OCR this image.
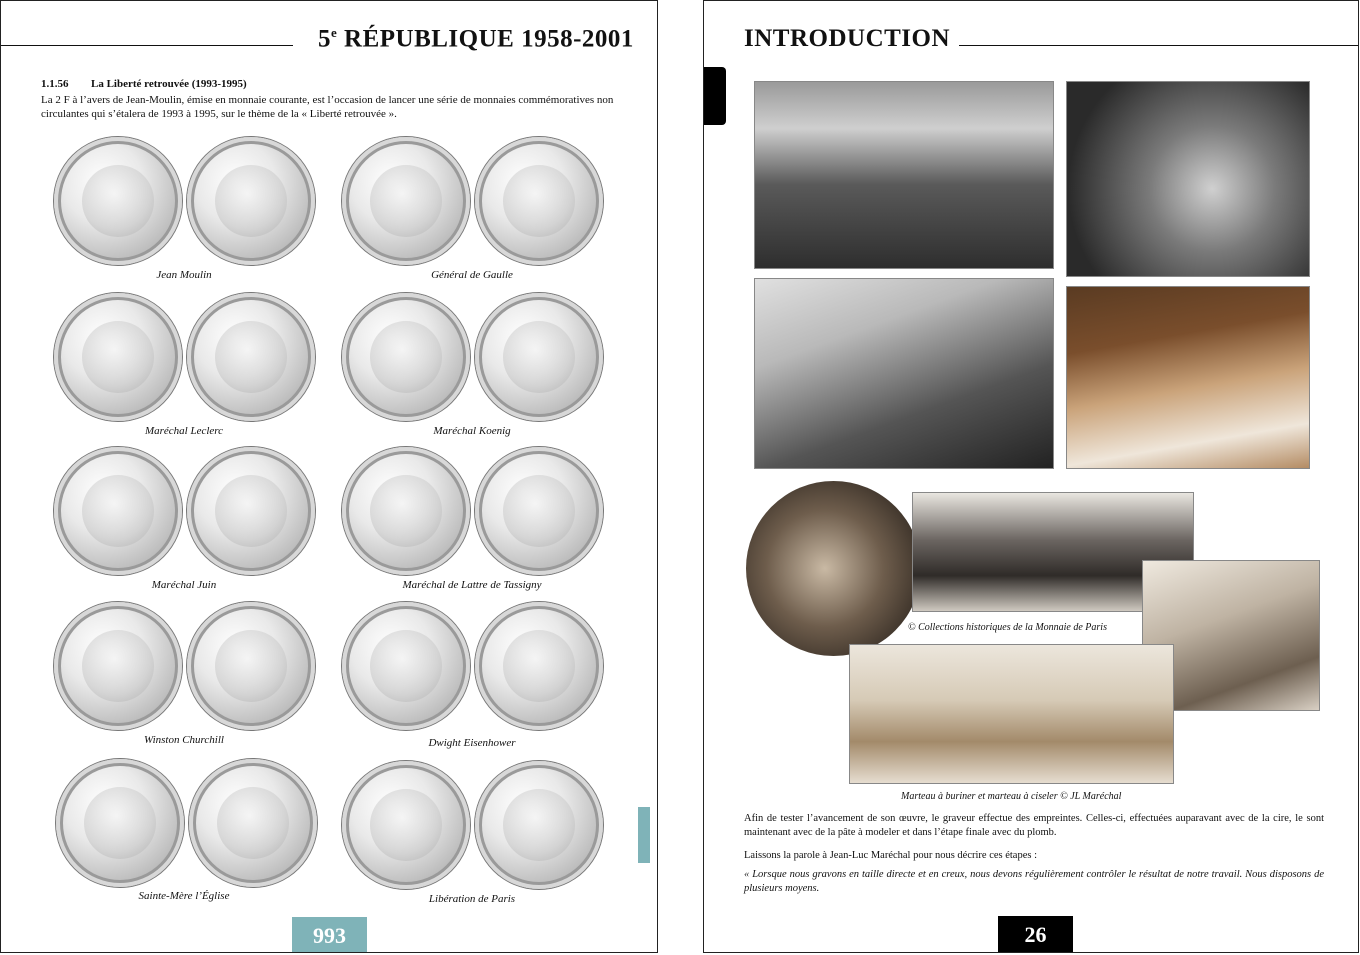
5e RÉPUBLIQUE 1958-2001
1.1.56 La Liberté retrouvée (1993-1995)
La 2 F à l’avers de Jean-Moulin, émise en monnaie courante, est l’occasion de lancer une série de monnaies commémoratives non circulantes qui s’étalera de 1993 à 1995, sur le thème de la « Liberté retrouvée ».
Jean Moulin	Général de Gaulle
Maréchal Leclerc	Maréchal Koenig
Maréchal Juin	Maréchal de Lattre de Tassigny
Winston Churchill	Dwight Eisenhower
Sainte-Mère l’Église	Libération de Paris
993
INTRODUCTION
© Collections historiques de la Monnaie de Paris
Marteau à buriner et marteau à ciseler © JL Maréchal
Afin de tester l’avancement de son œuvre, le graveur effectue des empreintes. Celles-ci, effectuées auparavant avec de la cire, le sont maintenant avec de la pâte à modeler et dans l’étape finale avec du plomb.
Laissons la parole à Jean-Luc Maréchal pour nous décrire ces étapes :
« Lorsque nous gravons en taille directe et en creux, nous devons régulièrement contrôler le résultat de notre travail. Nous disposons de plusieurs moyens.
26
